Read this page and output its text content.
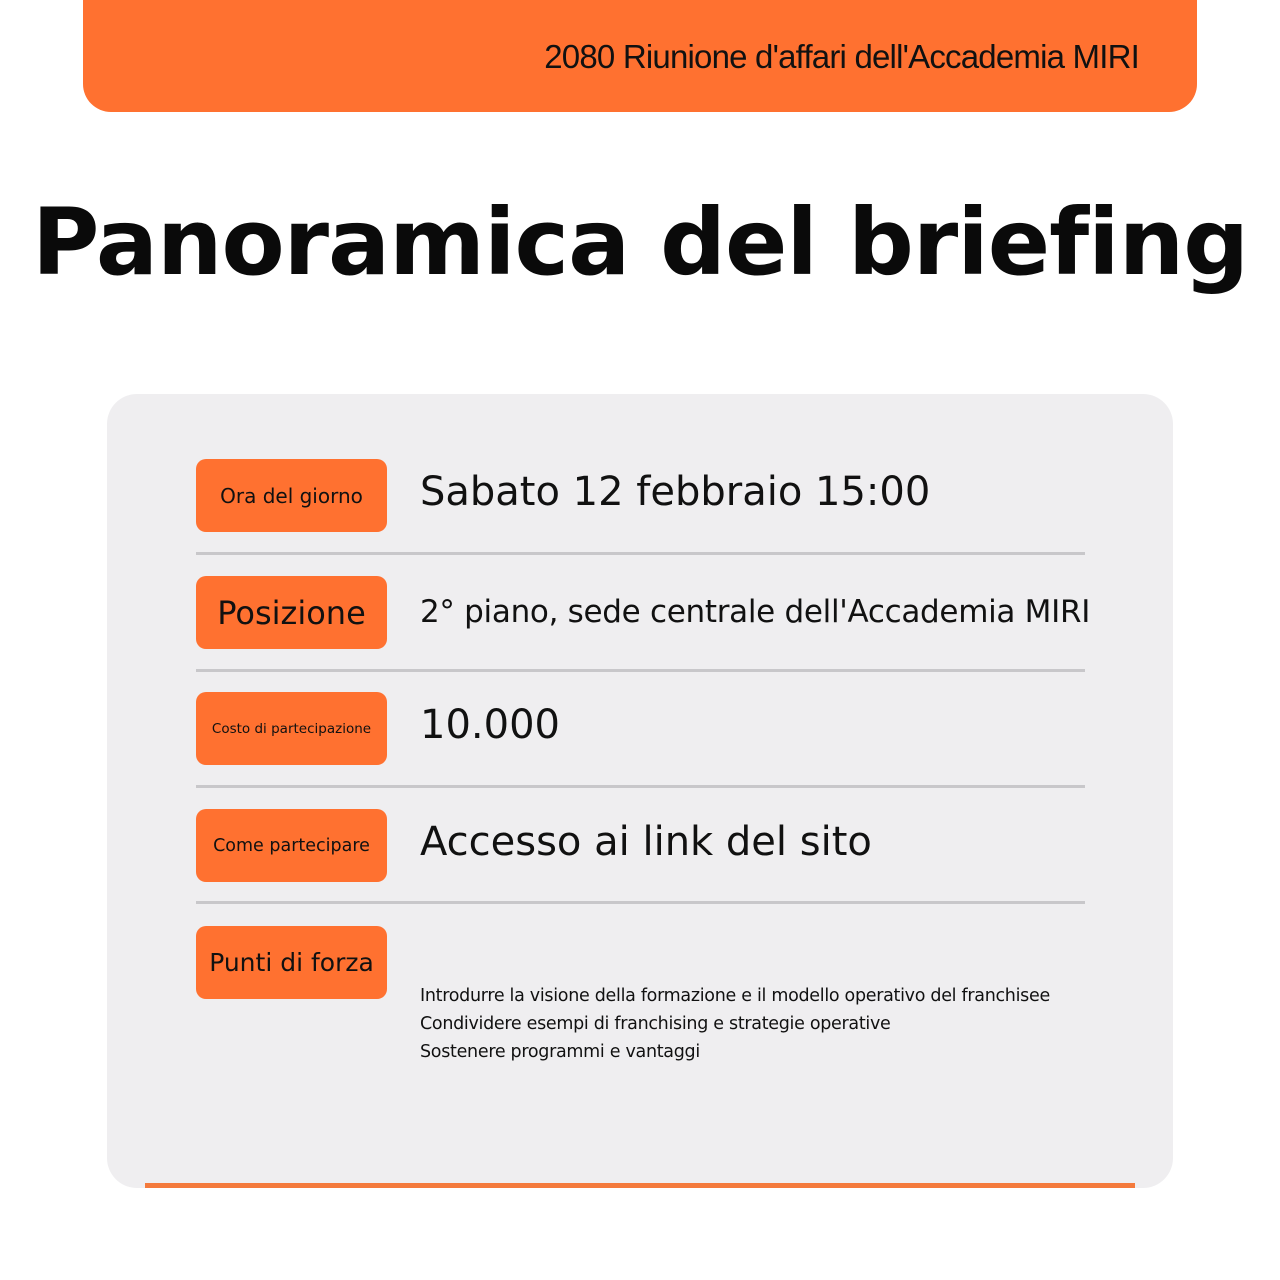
2080 Riunione d'affari dell'Accademia MIRI
Panoramica del briefing
Ora del giorno	Sabato 12 febbraio 15:00
Posizione	2° piano, sede centrale dell'Accademia MIRI
Costo di partecipazione	10.000
Come partecipare	Accesso ai link del sito
Punti di forza
Introdurre la visione della formazione e il modello operativo del franchisee
Condividere esempi di franchising e strategie operative
Sostenere programmi e vantaggi
